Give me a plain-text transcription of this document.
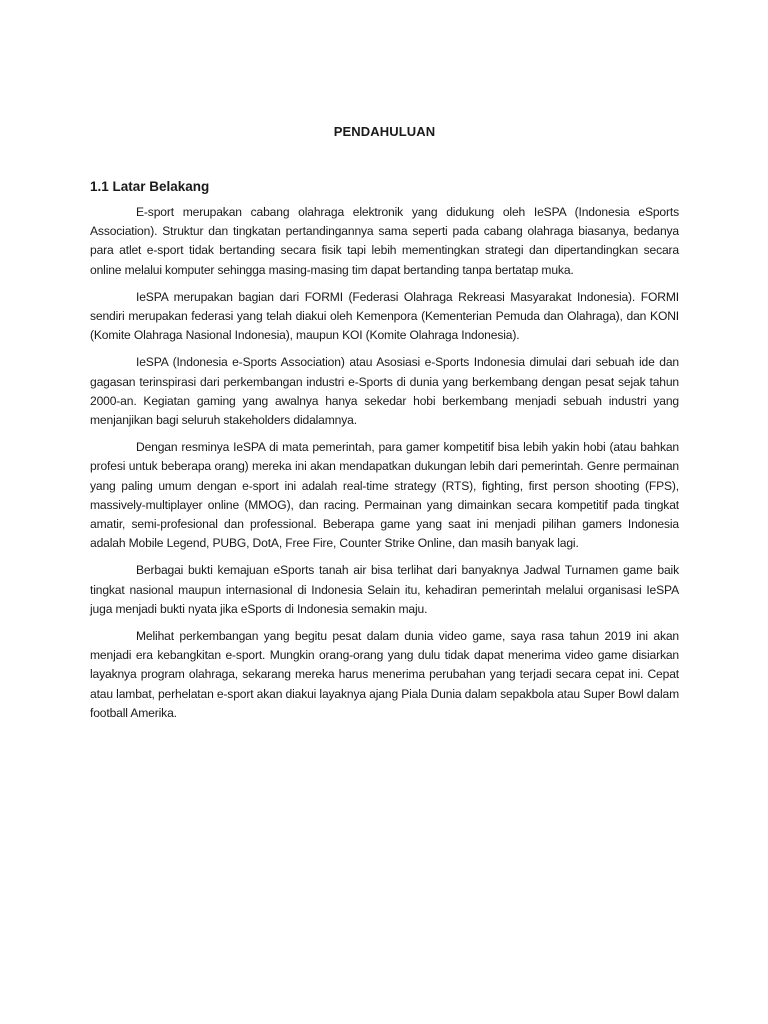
PENDAHULUAN
1.1 Latar Belakang

E-sport merupakan cabang olahraga elektronik yang didukung oleh IeSPA (Indonesia eSports Association). Struktur dan tingkatan pertandingannya sama seperti pada cabang olahraga biasanya, bedanya para atlet e-sport tidak bertanding secara fisik tapi lebih mementingkan strategi dan dipertandingkan secara online melalui komputer sehingga masing-masing tim dapat bertanding tanpa bertatap muka.

IeSPA merupakan bagian dari FORMI (Federasi Olahraga Rekreasi Masyarakat Indonesia). FORMI sendiri merupakan federasi yang telah diakui oleh Kemenpora (Kementerian Pemuda dan Olahraga), dan KONI (Komite Olahraga Nasional Indonesia), maupun KOI (Komite Olahraga Indonesia).

IeSPA (Indonesia e-Sports Association) atau Asosiasi e-Sports Indonesia dimulai dari sebuah ide dan gagasan terinspirasi dari perkembangan industri e-Sports di dunia yang berkembang dengan pesat sejak tahun 2000-an. Kegiatan gaming yang awalnya hanya sekedar hobi berkembang menjadi sebuah industri yang menjanjikan bagi seluruh stakeholders didalamnya.

Dengan resminya IeSPA di mata pemerintah, para gamer kompetitif bisa lebih yakin hobi (atau bahkan profesi untuk beberapa orang) mereka ini akan mendapatkan dukungan lebih dari pemerintah. Genre permainan yang paling umum dengan e-sport ini adalah real-time strategy (RTS), fighting, first person shooting (FPS), massively-multiplayer online (MMOG), dan racing. Permainan yang dimainkan secara kompetitif pada tingkat amatir, semi-profesional dan professional. Beberapa game yang saat ini menjadi pilihan gamers Indonesia adalah Mobile Legend, PUBG, DotA, Free Fire, Counter Strike Online, dan masih banyak lagi.

Berbagai bukti kemajuan eSports tanah air bisa terlihat dari banyaknya Jadwal Turnamen game baik tingkat nasional maupun internasional di Indonesia Selain itu, kehadiran pemerintah melalui organisasi IeSPA juga menjadi bukti nyata jika eSports di Indonesia semakin maju.

Melihat perkembangan yang begitu pesat dalam dunia video game, saya rasa tahun 2019 ini akan menjadi era kebangkitan e-sport. Mungkin orang-orang yang dulu tidak dapat menerima video game disiarkan layaknya program olahraga, sekarang mereka harus menerima perubahan yang terjadi secara cepat ini. Cepat atau lambat, perhelatan e-sport akan diakui layaknya ajang Piala Dunia dalam sepakbola atau Super Bowl dalam football Amerika.
